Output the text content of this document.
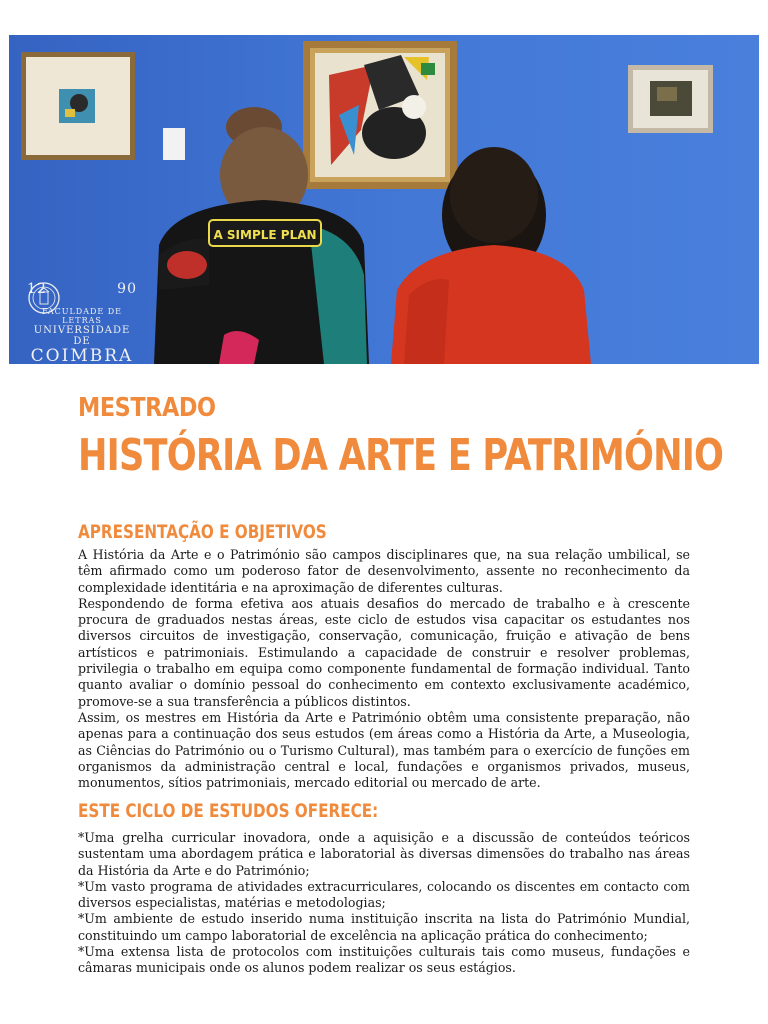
A SIMPLE PLAN
12	90
FACULDADE DE LETRAS
UNIVERSIDADE DE
COIMBRA
MESTRADO
HISTÓRIA DA ARTE E PATRIMÓNIO
APRESENTAÇÃO E OBJETIVOS

A História da Arte e o Património são campos disciplinares que, na sua relação umbilical, se têm afirmado como um poderoso fator de desenvolvimento, assente no reconhecimento da complexidade identitária e na aproximação de diferentes culturas.

Respondendo de forma efetiva aos atuais desafios do mercado de trabalho e à crescente procura de graduados nestas áreas, este ciclo de estudos visa capacitar os estudantes nos diversos circuitos de investigação, conservação, comunicação, fruição e ativação de bens artísticos e patrimoniais. Estimulando a capacidade de construir e resolver problemas, privilegia o trabalho em equipa como componente fundamental de formação individual. Tanto quanto avaliar o domínio pessoal do conhecimento em contexto exclusivamente académico, promove-se a sua transferência a públicos distintos.

Assim, os mestres em História da Arte e Património obtêm uma consistente preparação, não apenas para a continuação dos seus estudos (em áreas como a História da Arte, a Museologia, as Ciências do Património ou o Turismo Cultural), mas também para o exercício de funções em organismos da administração central e local, fundações e organismos privados, museus, monumentos, sítios patrimoniais, mercado editorial ou mercado de arte.

ESTE CICLO DE ESTUDOS OFERECE:

*Uma grelha curricular inovadora, onde a aquisição e a discussão de conteúdos teóricos sustentam uma abordagem prática e laboratorial às diversas dimensões do trabalho nas áreas da História da Arte e do Património;

*Um vasto programa de atividades extracurriculares, colocando os discentes em contacto com diversos especialistas, matérias e metodologias;

*Um ambiente de estudo inserido numa instituição inscrita na lista do Património Mundial, constituindo um campo laboratorial de excelência na aplicação prática do conhecimento;

*Uma extensa lista de protocolos com instituições culturais tais como museus, fundações e câmaras municipais onde os alunos podem realizar os seus estágios.
